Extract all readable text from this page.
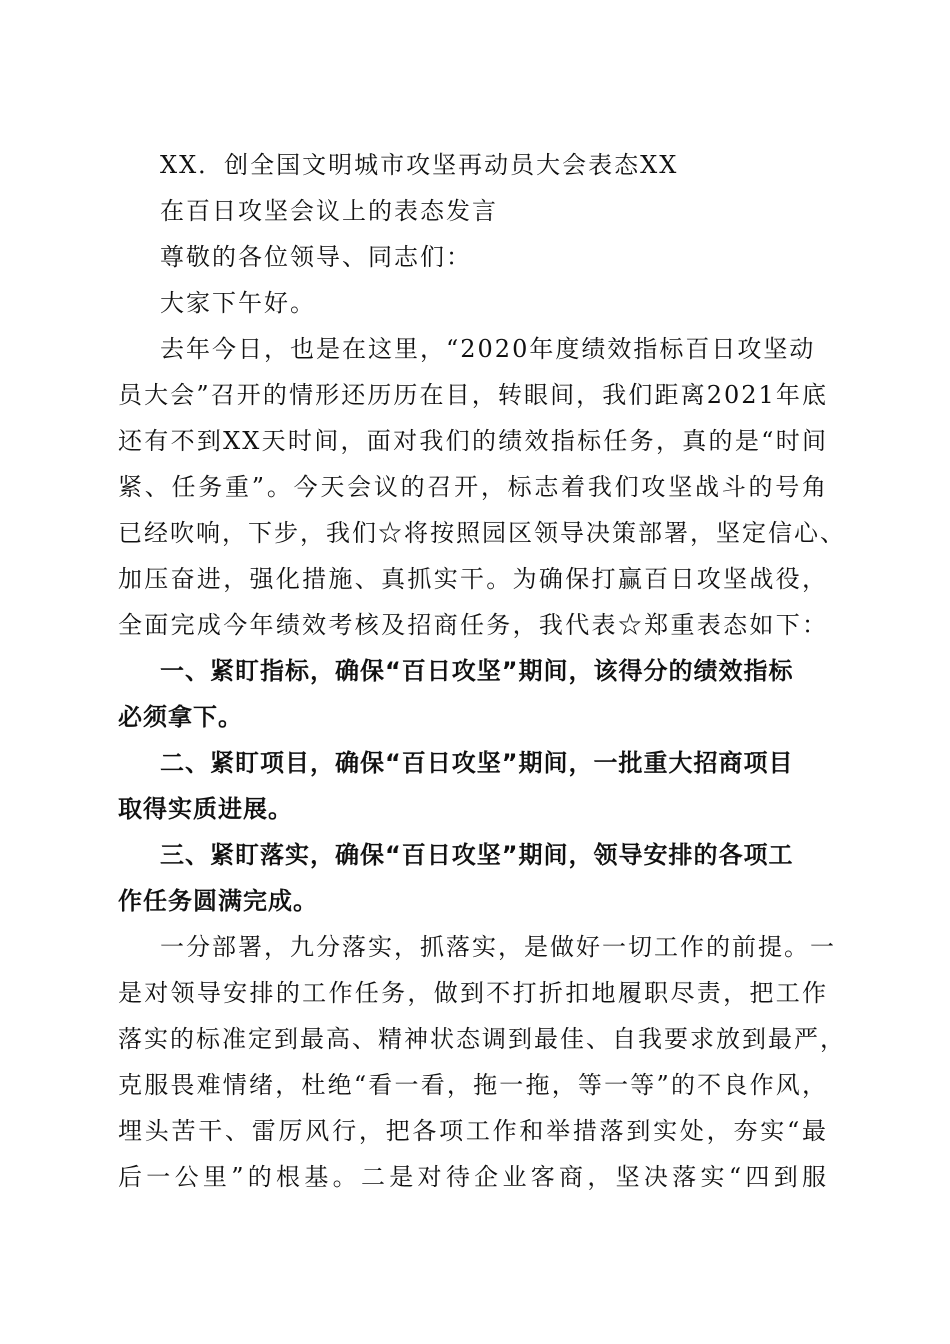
XX．创全国文明城市攻坚再动员大会表态XX
在百日攻坚会议上的表态发言
尊敬的各位领导、同志们：
大家下午好。
去年今日，也是在这里，“2020年度绩效指标百日攻坚动
员大会”召开的情形还历历在目，转眼间，我们距离2021年底
还有不到XX天时间，面对我们的绩效指标任务，真的是“时间
紧、任务重”。今天会议的召开，标志着我们攻坚战斗的号角
已经吹响，下步，我们☆将按照园区领导决策部署，坚定信心、
加压奋进，强化措施、真抓实干。为确保打赢百日攻坚战役，
全面完成今年绩效考核及招商任务，我代表☆郑重表态如下：
一、紧盯指标，确保“百日攻坚”期间，该得分的绩效指标
必须拿下。
二、紧盯项目，确保“百日攻坚”期间，一批重大招商项目
取得实质进展。
三、紧盯落实，确保“百日攻坚”期间，领导安排的各项工
作任务圆满完成。
一分部署，九分落实，抓落实，是做好一切工作的前提。一
是对领导安排的工作任务，做到不打折扣地履职尽责，把工作
落实的标准定到最高、精神状态调到最佳、自我要求放到最严，
克服畏难情绪，杜绝“看一看，拖一拖，等一等”的不良作风，
埋头苦干、雷厉风行，把各项工作和举措落到实处，夯实“最
后一公里”的根基。二是对待企业客商，坚决落实“四到服
